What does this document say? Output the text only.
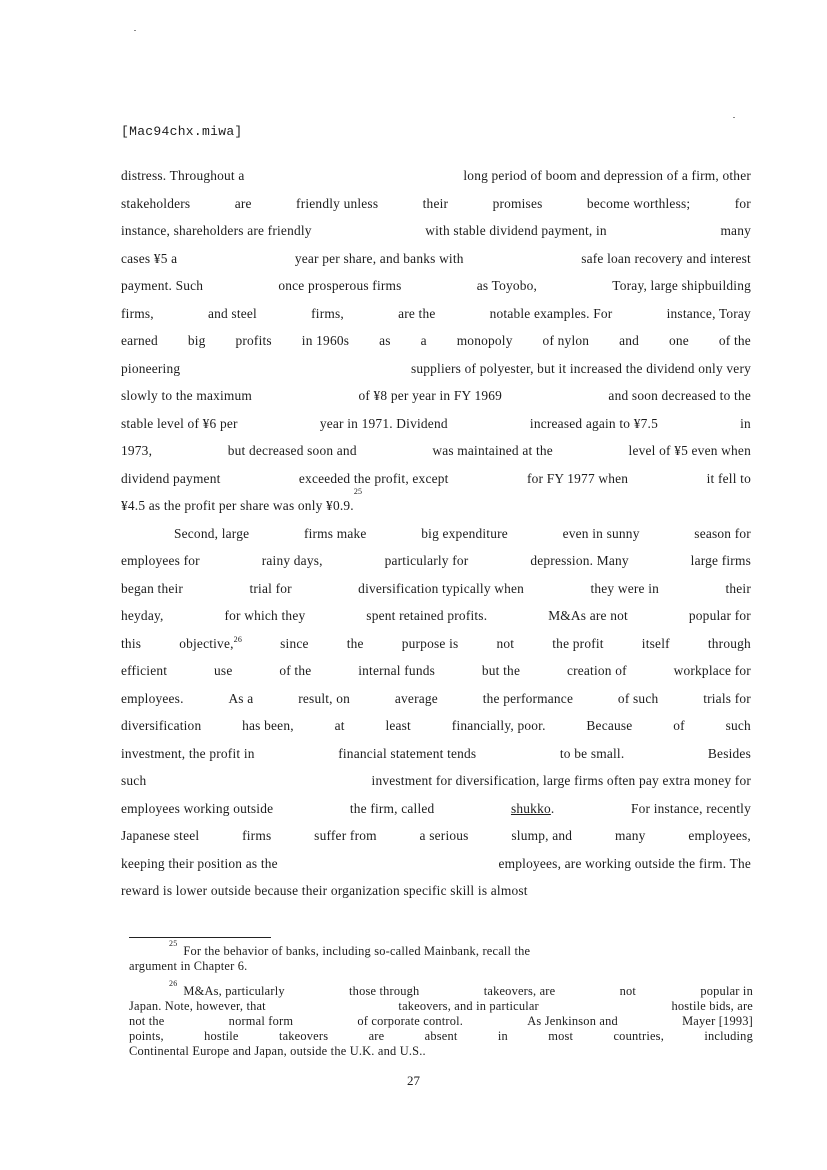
[Mac94chx.miwa]
distress. Throughout a	long period of boom and depression of a firm, other
stakeholders	are	friendly unless	their	promises	become worthless;	for
instance, shareholders are friendly	with stable dividend payment, in	many
cases ¥5 a	year per share, and banks with	safe loan recovery and interest
payment. Such	once prosperous firms	as Toyobo,	Toray, large shipbuilding
firms,	and steel	firms,	are the	notable examples. For	instance, Toray
earned big profits in 1960s as a monopoly of nylon and one of the
pioneering	suppliers of polyester, but it increased the dividend only very
slowly to the maximum	of ¥8 per year in FY 1969	and soon decreased to the
stable level of ¥6 per	year in 1971. Dividend	increased again to ¥7.5	in
1973,	but decreased soon and	was maintained at the	level of ¥5 even when
dividend payment	exceeded the profit, except	for FY 1977 when	it fell to
¥4.5 as the profit per share was only ¥0.9.
25
Second, large	firms make	big expenditure	even in sunny	season for
employees for	rainy days,	particularly for	depression. Many	large firms
began their	trial for	diversification typically when	they were in	their
heyday,	for which they	spent retained profits.	M&As are not	popular for
this	objective,$^{26}$	since	the	purpose is	not	the profit	itself	through
efficient	use	of the	internal funds	but the	creation of	workplace for
employees.	As a	result, on	average	the performance	of such	trials for
diversification	has been,	at	least	financially, poor.	Because	of	such
investment, the profit in	financial statement tends	to be small.	Besides
such	investment for diversification, large firms often pay extra money for
employees working outside	the firm, called	shukko.	For instance, recently
Japanese steel	firms	suffer from	a serious	slump, and	many	employees,
keeping their position as the	employees, are working outside the firm. The
reward is lower outside because their organization specific skill is almost
25
For the behavior of banks, including so-called Mainbank, recall the
argument in Chapter 6.
26
M&As, particularly	those through	takeovers, are	not	popular in
Japan. Note, however, that	takeovers, and in particular	hostile bids, are
not the	normal form	of corporate control.	As Jenkinson and	Mayer [1993]
points,	hostile	takeovers	are	absent	in	most	countries,	including
Continental Europe and Japan, outside the U.K. and U.S..
27
